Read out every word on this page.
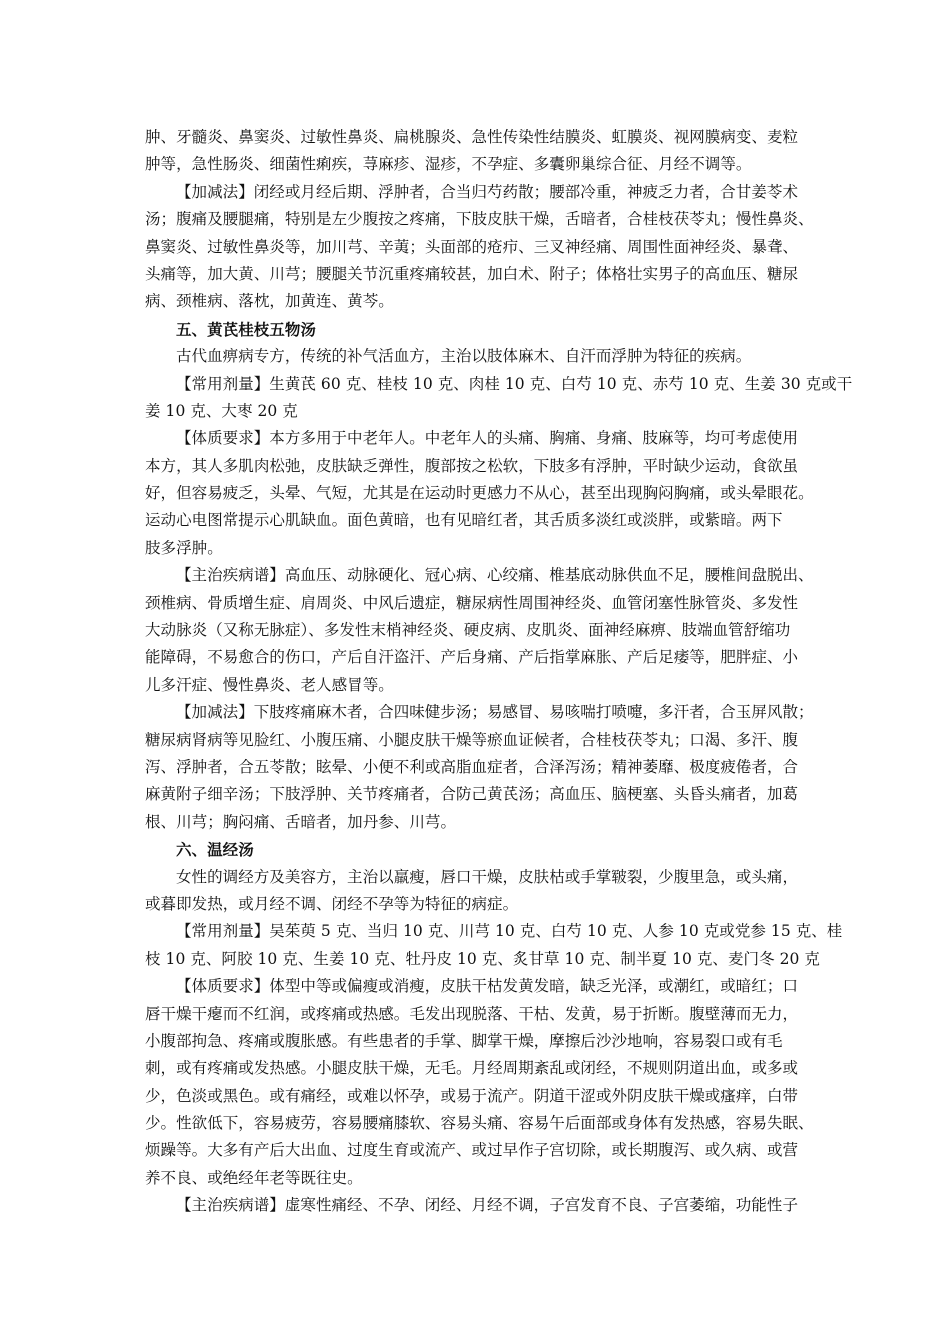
肿、牙髓炎、鼻窦炎、过敏性鼻炎、扁桃腺炎、急性传染性结膜炎、虹膜炎、视网膜病变、麦粒
肿等，急性肠炎、细菌性痢疾，荨麻疹、湿疹，不孕症、多囊卵巢综合征、月经不调等。
【加减法】闭经或月经后期、浮肿者，合当归芍药散；腰部冷重，神疲乏力者，合甘姜苓术
汤；腹痛及腰腿痛，特别是左少腹按之疼痛，下肢皮肤干燥，舌暗者，合桂枝茯苓丸；慢性鼻炎、
鼻窦炎、过敏性鼻炎等，加川芎、辛荑；头面部的疮疖、三叉神经痛、周围性面神经炎、暴聋、
头痛等，加大黄、川芎；腰腿关节沉重疼痛较甚，加白术、附子；体格壮实男子的高血压、糖尿
病、颈椎病、落枕，加黄连、黄芩。
五、黄芪桂枝五物汤
古代血痹病专方，传统的补气活血方，主治以肢体麻木、自汗而浮肿为特征的疾病。
【常用剂量】生黄芪 60 克、桂枝 10 克、肉桂 10 克、白芍 10 克、赤芍 10 克、生姜 30 克或干
姜 10 克、大枣 20 克
【体质要求】本方多用于中老年人。中老年人的头痛、胸痛、身痛、肢麻等，均可考虑使用
本方，其人多肌肉松弛，皮肤缺乏弹性，腹部按之松软，下肢多有浮肿，平时缺少运动，食欲虽
好，但容易疲乏，头晕、气短，尤其是在运动时更感力不从心，甚至出现胸闷胸痛，或头晕眼花。
运动心电图常提示心肌缺血。面色黄暗，也有见暗红者，其舌质多淡红或淡胖，或紫暗。两下
肢多浮肿。
【主治疾病谱】高血压、动脉硬化、冠心病、心绞痛、椎基底动脉供血不足，腰椎间盘脱出、
颈椎病、骨质增生症、肩周炎、中风后遗症，糖尿病性周围神经炎、血管闭塞性脉管炎、多发性
大动脉炎（又称无脉症）、多发性末梢神经炎、硬皮病、皮肌炎、面神经麻痹、肢端血管舒缩功
能障碍，不易愈合的伤口，产后自汗盗汗、产后身痛、产后指掌麻胀、产后足痿等，肥胖症、小
儿多汗症、慢性鼻炎、老人感冒等。
【加减法】下肢疼痛麻木者，合四味健步汤；易感冒、易咳喘打喷嚏，多汗者，合玉屏风散；
糖尿病肾病等见脸红、小腹压痛、小腿皮肤干燥等瘀血证候者，合桂枝茯苓丸；口渴、多汗、腹
泻、浮肿者，合五苓散；眩晕、小便不利或高脂血症者，合泽泻汤；精神萎靡、极度疲倦者，合
麻黄附子细辛汤；下肢浮肿、关节疼痛者，合防己黄芪汤；高血压、脑梗塞、头昏头痛者，加葛
根、川芎；胸闷痛、舌暗者，加丹参、川芎。
六、温经汤
女性的调经方及美容方，主治以羸瘦，唇口干燥，皮肤枯或手掌皲裂，少腹里急，或头痛，
或暮即发热，或月经不调、闭经不孕等为特征的病症。
【常用剂量】吴茱萸 5 克、当归 10 克、川芎 10 克、白芍 10 克、人参 10 克或党参 15 克、桂
枝 10 克、阿胶 10 克、生姜 10 克、牡丹皮 10 克、炙甘草 10 克、制半夏 10 克、麦门冬 20 克
【体质要求】体型中等或偏瘦或消瘦，皮肤干枯发黄发暗，缺乏光泽，或潮红，或暗红；口
唇干燥干瘪而不红润，或疼痛或热感。毛发出现脱落、干枯、发黄，易于折断。腹壁薄而无力，
小腹部拘急、疼痛或腹胀感。有些患者的手掌、脚掌干燥，摩擦后沙沙地响，容易裂口或有毛
刺，或有疼痛或发热感。小腿皮肤干燥，无毛。月经周期紊乱或闭经，不规则阴道出血，或多或
少，色淡或黑色。或有痛经，或难以怀孕，或易于流产。阴道干涩或外阴皮肤干燥或瘙痒，白带
少。性欲低下，容易疲劳，容易腰痛膝软、容易头痛、容易午后面部或身体有发热感，容易失眠、
烦躁等。大多有产后大出血、过度生育或流产、或过早作子宫切除，或长期腹泻、或久病、或营
养不良、或绝经年老等既往史。
【主治疾病谱】虚寒性痛经、不孕、闭经、月经不调，子宫发育不良、子宫萎缩，功能性子
